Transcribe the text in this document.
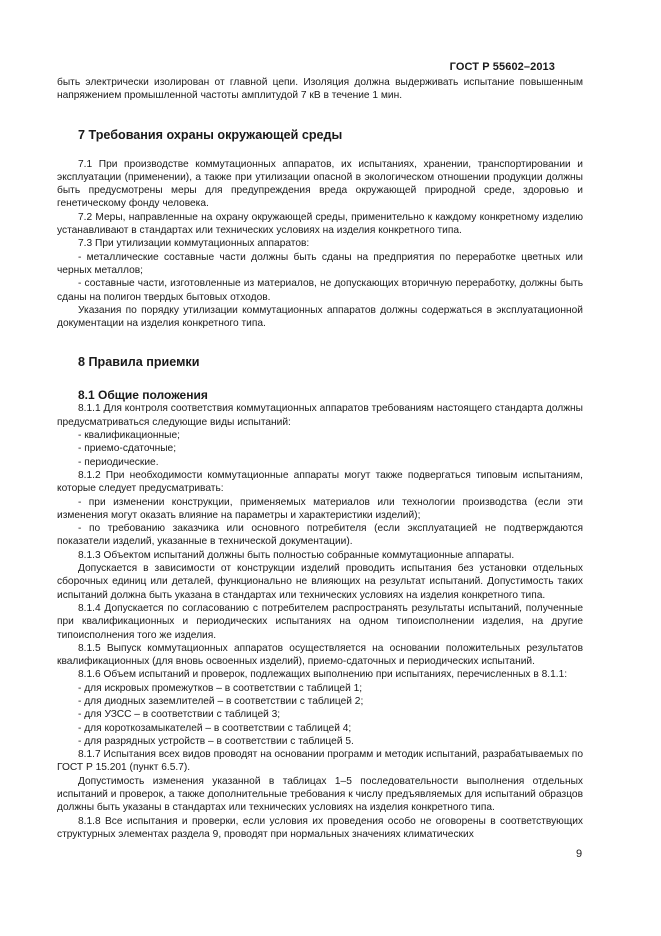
ГОСТ Р 55602–2013

быть электрически изолирован от главной цепи. Изоляция должна выдерживать испытание повышенным напряжением промышленной частоты амплитудой 7 кВ в течение 1 мин.

7 Требования охраны окружающей среды

7.1 При производстве коммутационных аппаратов, их испытаниях, хранении, транспортировании и эксплуатации (применении), а также при утилизации опасной в экологическом отношении продукции должны быть предусмотрены меры для предупреждения вреда окружающей природной среде, здоровью и генетическому фонду человека.

7.2 Меры, направленные на охрану окружающей среды, применительно к каждому конкретному изделию устанавливают в стандартах или технических условиях на изделия конкретного типа.

7.3 При утилизации коммутационных аппаратов:

- металлические составные части должны быть сданы на предприятия по переработке цветных или черных металлов;

- составные части, изготовленные из материалов, не допускающих вторичную переработку, должны быть сданы на полигон твердых бытовых отходов.

Указания по порядку утилизации коммутационных аппаратов должны содержаться в эксплуатационной документации на изделия конкретного типа.

8 Правила приемки

8.1 Общие положения

8.1.1 Для контроля соответствия коммутационных аппаратов требованиям настоящего стандарта должны предусматриваться следующие виды испытаний:

- квалификационные;

- приемо-сдаточные;

- периодические.

8.1.2 При необходимости коммутационные аппараты могут также подвергаться типовым испытаниям, которые следует предусматривать:

- при изменении конструкции, применяемых материалов или технологии производства (если эти изменения могут оказать влияние на параметры и характеристики изделий);

- по требованию заказчика или основного потребителя (если эксплуатацией не подтверждаются показатели изделий, указанные в технической документации).

8.1.3 Объектом испытаний должны быть полностью собранные коммутационные аппараты.

Допускается в зависимости от конструкции изделий проводить испытания без установки отдельных сборочных единиц или деталей, функционально не влияющих на результат испытаний. Допустимость таких испытаний должна быть указана в стандартах или технических условиях на изделия конкретного типа.

8.1.4 Допускается по согласованию с потребителем распространять результаты испытаний, полученные при квалификационных и периодических испытаниях на одном типоисполнении изделия, на другие типоисполнения того же изделия.

8.1.5 Выпуск коммутационных аппаратов осуществляется на основании положительных результатов квалификационных (для вновь освоенных изделий), приемо-сдаточных и периодических испытаний.

8.1.6 Объем испытаний и проверок, подлежащих выполнению при испытаниях, перечисленных в 8.1.1:

- для искровых промежутков – в соответствии с таблицей 1;

- для диодных заземлителей – в соответствии с таблицей 2;

- для УЗСС – в соответствии с таблицей 3;

- для короткозамыкателей – в соответствии с таблицей 4;

- для разрядных устройств – в соответствии с таблицей 5.

8.1.7 Испытания всех видов проводят на основании программ и методик испытаний, разрабатываемых по ГОСТ Р 15.201 (пункт 6.5.7).

Допустимость изменения указанной в таблицах 1–5 последовательности выполнения отдельных испытаний и проверок, а также дополнительные требования к числу предъявляемых для испытаний образцов должны быть указаны в стандартах или технических условиях на изделия конкретного типа.

8.1.8 Все испытания и проверки, если условия их проведения особо не оговорены в соответствующих структурных элементах раздела 9, проводят при нормальных значениях климатических

9
